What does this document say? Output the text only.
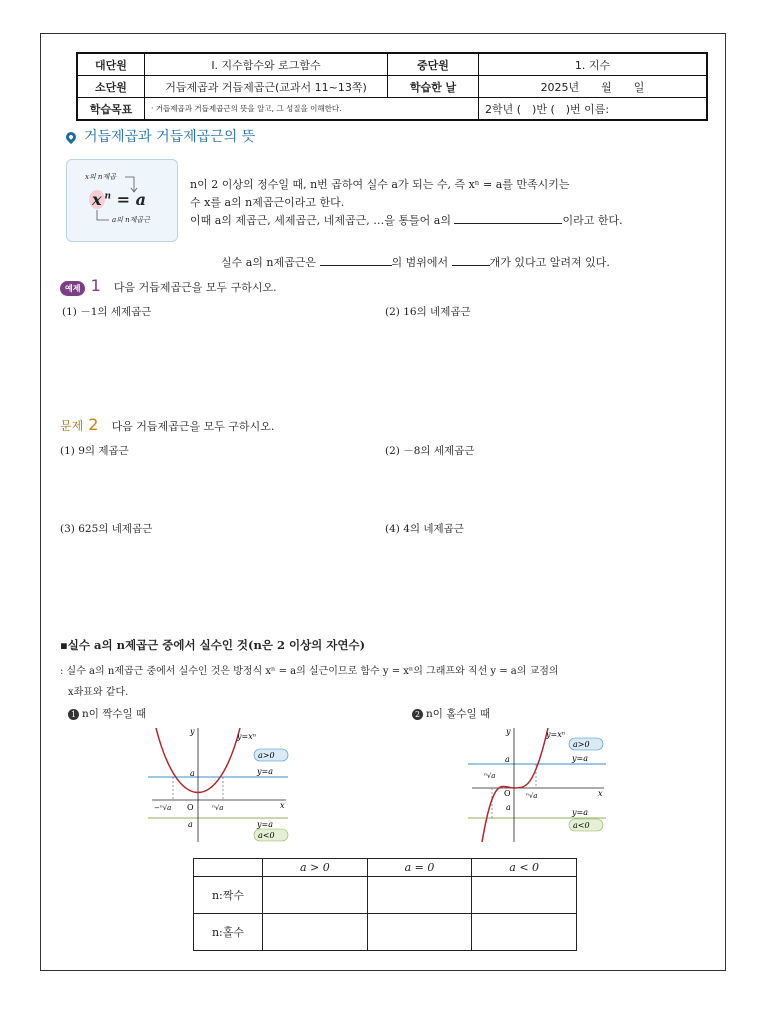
대단원	Ⅰ. 지수함수와 로그함수	중단원	1. 지수
소단원	거듭제곱과 거듭제곱근(교과서 11~13쪽)	학습한 날	2025년　　월　　일
학습목표	· 거듭제곱과 거듭제곱근의 뜻을 알고, 그 성질을 이해한다.		2학년 (　)반 (　)번 이름:
거듭제곱과 거듭제곱근의 뜻
x의 n제곱
x $^n$ = a
a의 n제곱근
n이 2 이상의 정수일 때, n번 곱하여 실수 a가 되는 수, 즉 xⁿ = a를 만족시키는
수 x를 a의 n제곱근이라고 한다.
이때 a의 제곱근, 세제곱근, 네제곱근, …을 통틀어 a의	이라고 한다.
실수 a의 n제곱근은	의 범위에서	개가 있다고 알려져 있다.
예제 1 다음 거듭제곱근을 모두 구하시오.
(1) －1의 세제곱근	(2) 16의 네제곱근
문제 2 다음 거듭제곱근을 모두 구하시오.
(1) 9의 제곱근	(2) －8의 세제곱근
(3) 625의 네제곱근	(4) 4의 네제곱근
▪실수 a의 n제곱근 중에서 실수인 것(n은 2 이상의 자연수)
: 실수 a의 n제곱근 중에서 실수인 것은 방정식 xⁿ = a의 실근이므로 함수 y = xⁿ의 그래프와 직선 y = a의 교점의
x좌표와 같다.
1 n이 짝수일 때	2 n이 홀수일 때
y
y=xⁿ
a>0
y=a
a
O	x
−ⁿ√a	ⁿ√a
a	y=a
a<0
y	y=xⁿ
a>0
y=a
a
ⁿ√a
O ⁿ√a	x
a
y=a
a<0
	a > 0	a = 0	a < 0
n:짝수			
n:홀수			
